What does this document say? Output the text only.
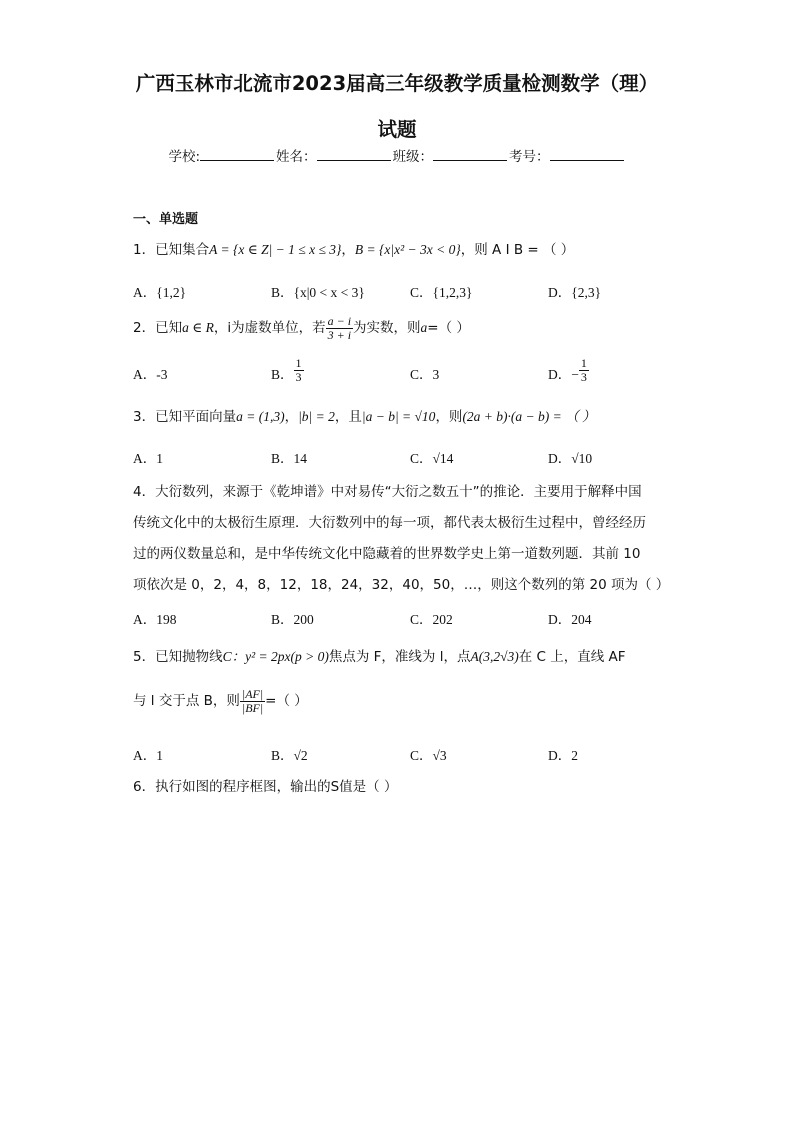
广西玉林市北流市2023届高三年级教学质量检测数学（理）
试题
学校:	姓名：	班级：	考号：
一、单选题
1．已知集合A = {x ∈ Z| − 1 ≤ x ≤ 3}，B = {x|x² − 3x < 0}，则 A I B = （ ）
A．{1,2}	B．{x|0 < x < 3}	C．{1,2,3}	D．{2,3}
2．已知a ∈ R，i为虚数单位，若 $\frac{a - i}{3 + i}$ 为实数，则a=（ ）
A．-3	B． $\frac{1}{3}$	C．3	D．− $\frac{1}{3}$
3．已知平面向量a = (1,3)，|b| = 2，且|a − b| = √10，则(2a + b)·(a − b) = （ ）
A．1	B．14	C．√14	D．√10
4．大衍数列，来源于《乾坤谱》中对易传“大衍之数五十”的推论．主要用于解释中国
传统文化中的太极衍生原理．大衍数列中的每一项，都代表太极衍生过程中，曾经经历
过的两仪数量总和，是中华传统文化中隐藏着的世界数学史上第一道数列题．其前 10
项依次是 0，2，4，8，12，18，24，32，40，50，…，则这个数列的第 20 项为（ ）
A．198	B．200	C．202	D．204
5．已知抛物线C：y² = 2px(p > 0)焦点为 F，准线为 l，点A(3,2√3)在 C 上，直线 AF
与 l 交于点 B，则 $\frac{|AF|}{|BF|}$ =（ ）
A．1	B．√2	C．√3	D．2
6．执行如图的程序框图，输出的S值是（ ）
